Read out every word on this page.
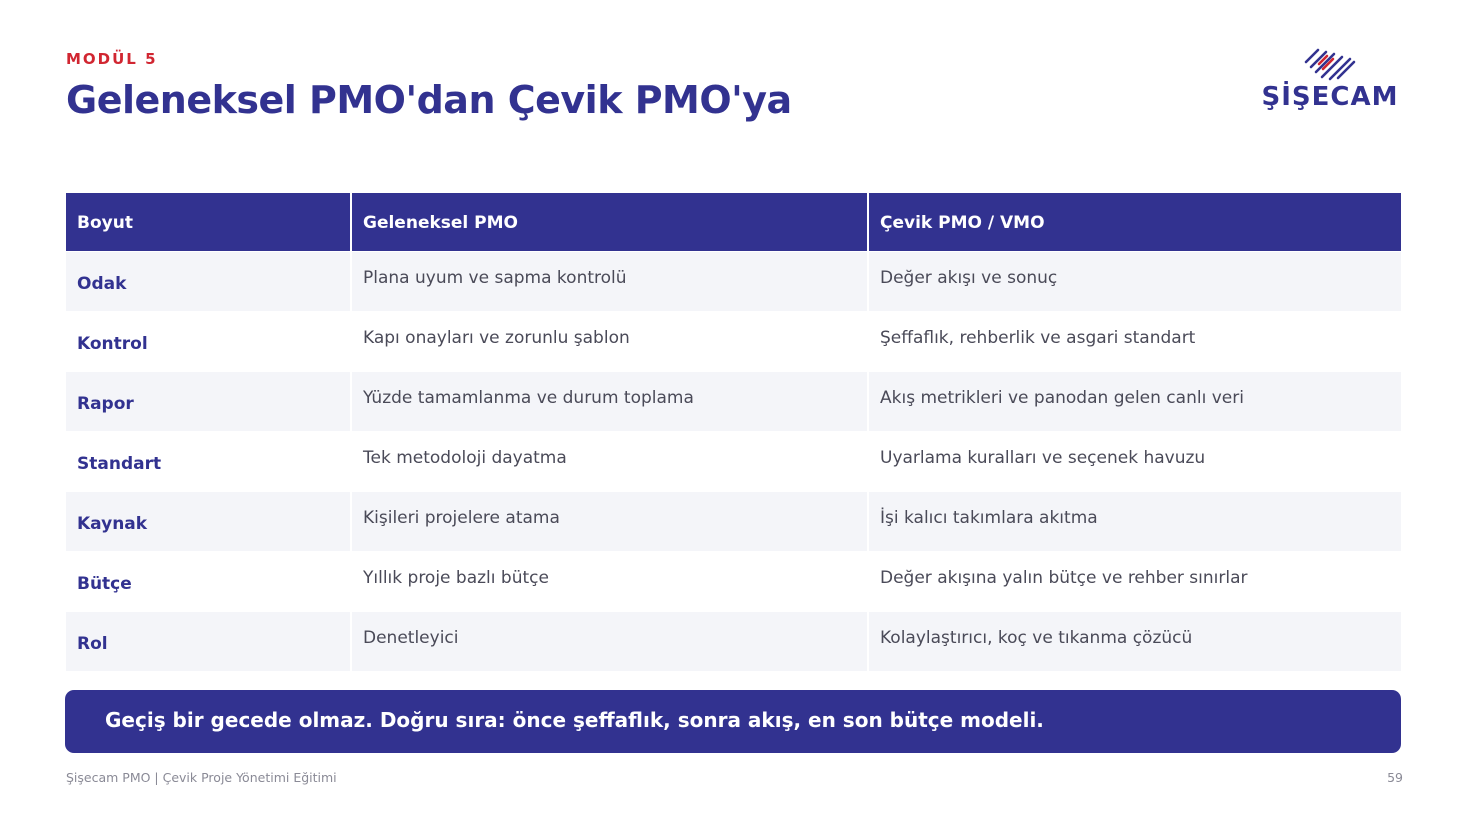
MODÜL 5
Geleneksel PMO'dan Çevik PMO'ya	ŞİŞECAM
Boyut	Geleneksel PMO	Çevik PMO / VMO
Odak	Plana uyum ve sapma kontrolü	Değer akışı ve sonuç
Kontrol	Kapı onayları ve zorunlu şablon	Şeffaflık, rehberlik ve asgari standart
Rapor	Yüzde tamamlanma ve durum toplama	Akış metrikleri ve panodan gelen canlı veri
Standart	Tek metodoloji dayatma	Uyarlama kuralları ve seçenek havuzu
Kaynak	Kişileri projelere atama	İşi kalıcı takımlara akıtma
Bütçe	Yıllık proje bazlı bütçe	Değer akışına yalın bütçe ve rehber sınırlar
Rol	Denetleyici	Kolaylaştırıcı, koç ve tıkanma çözücü
Geçiş bir gecede olmaz. Doğru sıra: önce şeffaflık, sonra akış, en son bütçe modeli.
Şişecam PMO | Çevik Proje Yönetimi Eğitimi	59
